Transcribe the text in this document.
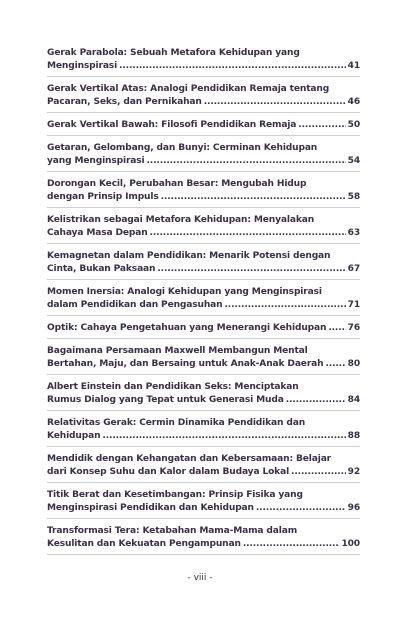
Gerak Parabola: Sebuah Metafora Kehidupan yang
Menginspirasi .....	41
Gerak Vertikal Atas: Analogi Pendidikan Remaja tentang
Pacaran, Seks, dan Pernikahan .....	46
Gerak Vertikal Bawah: Filosofi Pendidikan Remaja .....	50
Getaran, Gelombang, dan Bunyi: Cerminan Kehidupan
yang Menginspirasi .....	54
Dorongan Kecil, Perubahan Besar: Mengubah Hidup
dengan Prinsip Impuls .....	58
Kelistrikan sebagai Metafora Kehidupan: Menyalakan
Cahaya Masa Depan .....	63
Kemagnetan dalam Pendidikan: Menarik Potensi dengan
Cinta, Bukan Paksaan .....	67
Momen Inersia: Analogi Kehidupan yang Menginspirasi
dalam Pendidikan dan Pengasuhan .....	71
Optik: Cahaya Pengetahuan yang Menerangi Kehidupan ..... 76
Bagaimana Persamaan Maxwell Membangun Mental
Bertahan, Maju, dan Bersaing untuk Anak-Anak Daerah .....	80
Albert Einstein dan Pendidikan Seks: Menciptakan
Rumus Dialog yang Tepat untuk Generasi Muda .....	84
Relativitas Gerak: Cermin Dinamika Pendidikan dan
Kehidupan .....	88
Mendidik dengan Kehangatan dan Kebersamaan: Belajar
dari Konsep Suhu dan Kalor dalam Budaya Lokal .....	92
Titik Berat dan Kesetimbangan: Prinsip Fisika yang
Menginspirasi Pendidikan dan Kehidupan .....	96
Transformasi Tera: Ketabahan Mama-Mama dalam
Kesulitan dan Kekuatan Pengampunan .....	100
- viii -
